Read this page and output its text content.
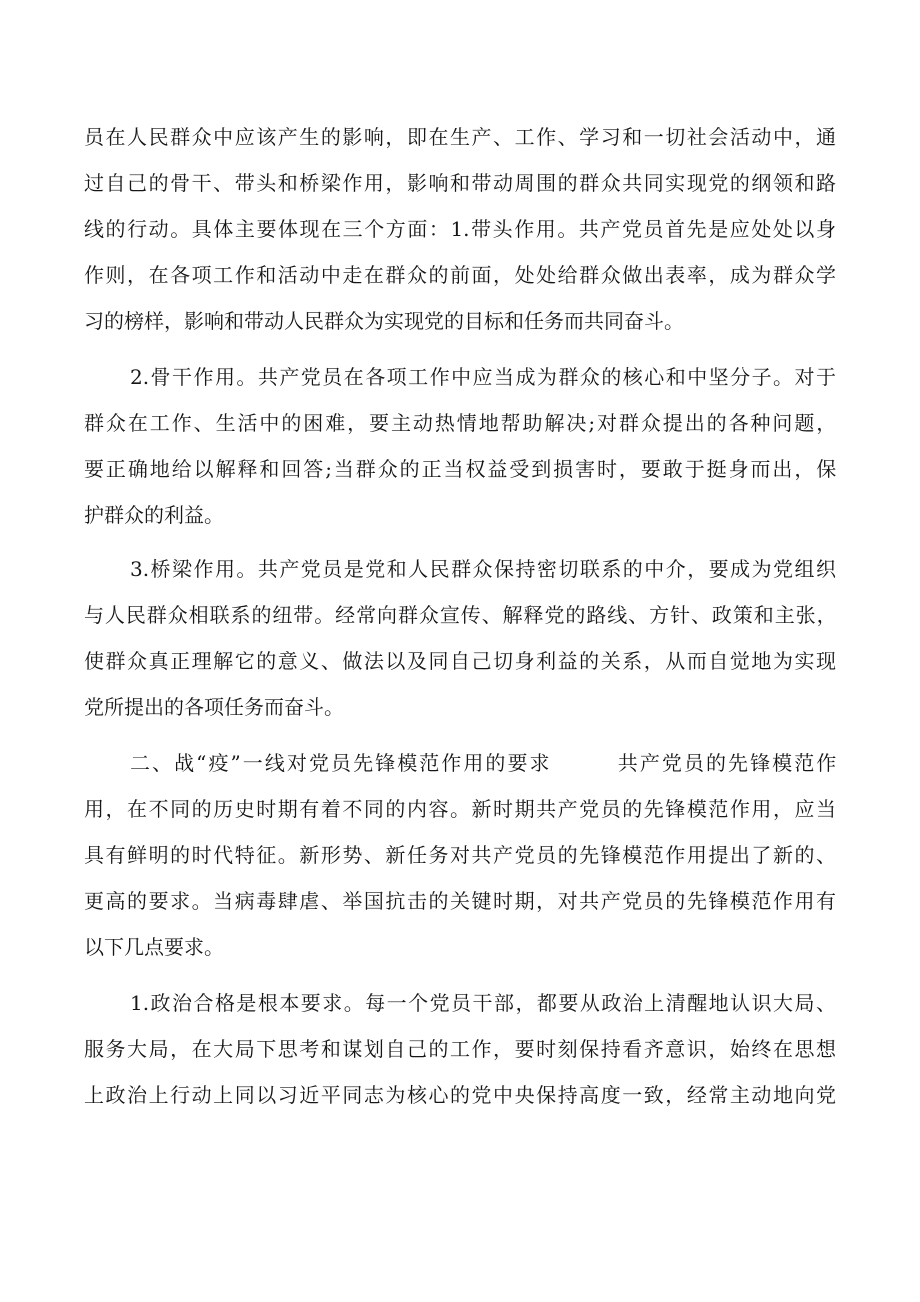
员在人民群众中应该产生的影响，即在生产、工作、学习和一切社会活动中，通
过自己的骨干、带头和桥梁作用，影响和带动周围的群众共同实现党的纲领和路
线的行动。具体主要体现在三个方面：1.带头作用。共产党员首先是应处处以身
作则，在各项工作和活动中走在群众的前面，处处给群众做出表率，成为群众学
习的榜样，影响和带动人民群众为实现党的目标和任务而共同奋斗。
2.骨干作用。共产党员在各项工作中应当成为群众的核心和中坚分子。对于
群众在工作、生活中的困难，要主动热情地帮助解决;对群众提出的各种问题，
要正确地给以解释和回答;当群众的正当权益受到损害时，要敢于挺身而出，保
护群众的利益。
3.桥梁作用。共产党员是党和人民群众保持密切联系的中介，要成为党组织
与人民群众相联系的纽带。经常向群众宣传、解释党的路线、方针、政策和主张，
使群众真正理解它的意义、做法以及同自己切身利益的关系，从而自觉地为实现
党所提出的各项任务而奋斗。
二、战“疫”一线对党员先锋模范作用的要求　　　共产党员的先锋模范作
用，在不同的历史时期有着不同的内容。新时期共产党员的先锋模范作用，应当
具有鲜明的时代特征。新形势、新任务对共产党员的先锋模范作用提出了新的、
更高的要求。当病毒肆虐、举国抗击的关键时期，对共产党员的先锋模范作用有
以下几点要求。
1.政治合格是根本要求。每一个党员干部，都要从政治上清醒地认识大局、
服务大局，在大局下思考和谋划自己的工作，要时刻保持看齐意识，始终在思想
上政治上行动上同以习近平同志为核心的党中央保持高度一致，经常主动地向党
